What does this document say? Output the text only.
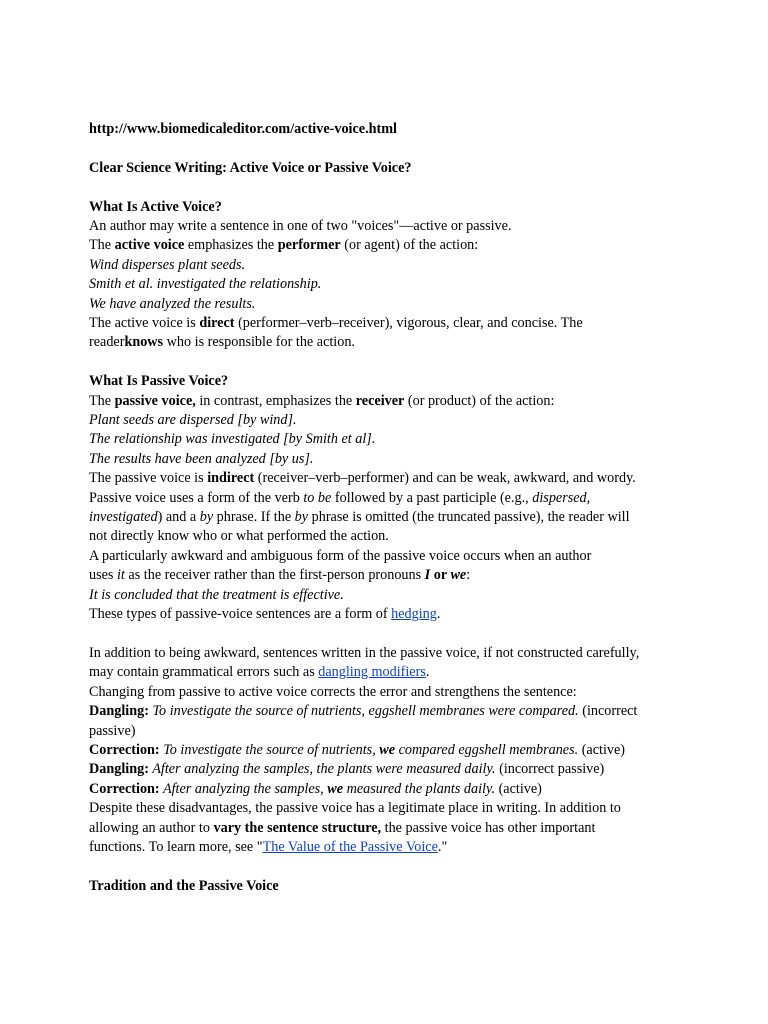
http://www.biomedicaleditor.com/active-voice.html

Clear Science Writing: Active Voice or Passive Voice?

What Is Active Voice?

An author may write a sentence in one of two "voices"—active or passive.

The active voice emphasizes the performer (or agent) of the action:

Wind disperses plant seeds.

Smith et al. investigated the relationship.

We have analyzed the results.

The active voice is direct (performer–verb–receiver), vigorous, clear, and concise. The

readerknows who is responsible for the action.

What Is Passive Voice?

The passive voice, in contrast, emphasizes the receiver (or product) of the action:

Plant seeds are dispersed [by wind].

The relationship was investigated [by Smith et al].

The results have been analyzed [by us].

The passive voice is indirect (receiver–verb–performer) and can be weak, awkward, and wordy.

Passive voice uses a form of the verb to be followed by a past participle (e.g., dispersed,

investigated) and a by phrase. If the by phrase is omitted (the truncated passive), the reader will

not directly know who or what performed the action.

A particularly awkward and ambiguous form of the passive voice occurs when an author

uses it as the receiver rather than the first-person pronouns I or we:

It is concluded that the treatment is effective.

These types of passive-voice sentences are a form of hedging.

In addition to being awkward, sentences written in the passive voice, if not constructed carefully,

may contain grammatical errors such as dangling modifiers.

Changing from passive to active voice corrects the error and strengthens the sentence:

Dangling: To investigate the source of nutrients, eggshell membranes were compared. (incorrect

passive)

Correction: To investigate the source of nutrients, we compared eggshell membranes. (active)

Dangling: After analyzing the samples, the plants were measured daily. (incorrect passive)

Correction: After analyzing the samples, we measured the plants daily. (active)

Despite these disadvantages, the passive voice has a legitimate place in writing. In addition to

allowing an author to vary the sentence structure, the passive voice has other important

functions. To learn more, see "The Value of the Passive Voice."

Tradition and the Passive Voice
